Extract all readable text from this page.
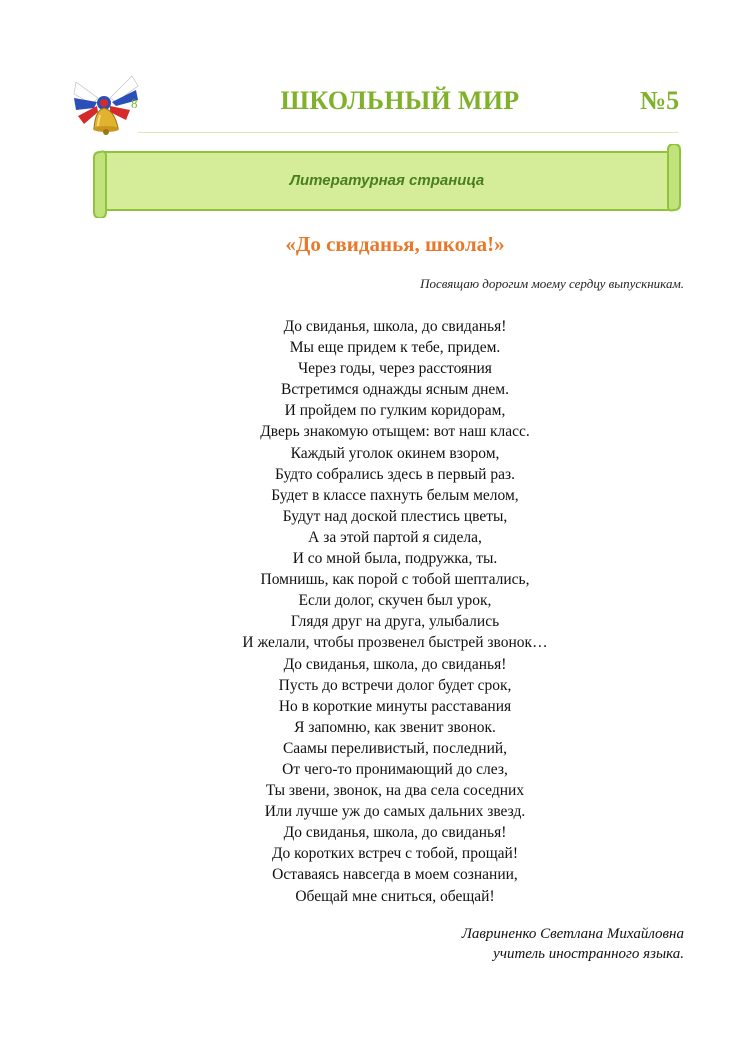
8	ШКОЛЬНЫЙ МИР	№5
Литературная страница
«До свиданья, школа!»
Посвящаю дорогим моему сердцу выпускникам.
До свиданья, школа, до свиданья!
Мы еще придем к тебе, придем.
Через годы, через расстояния
Встретимся однажды ясным днем.
И пройдем по гулким коридорам,
Дверь знакомую отыщем: вот наш класс.
Каждый уголок окинем взором,
Будто собрались здесь в первый раз.
Будет в классе пахнуть белым мелом,
Будут над доской плестись цветы,
А за этой партой я сидела,
И со мной была, подружка, ты.
Помнишь, как порой с тобой шептались,
Если долог, скучен был урок,
Глядя друг на друга, улыбались
И желали, чтобы прозвенел быстрей звонок…
До свиданья, школа, до свиданья!
Пусть до встречи долог будет срок,
Но в короткие минуты расставания
Я запомню, как звенит звонок.
Саамы переливистый, последний,
От чего-то пронимающий до слез,
Ты звени, звонок, на два села соседних
Или лучше уж до самых дальних звезд.
До свиданья, школа, до свиданья!
До коротких встреч с тобой, прощай!
Оставаясь навсегда в моем сознании,
Обещай мне сниться, обещай!
Лавриненко Светлана Михайловна
учитель иностранного языка.
